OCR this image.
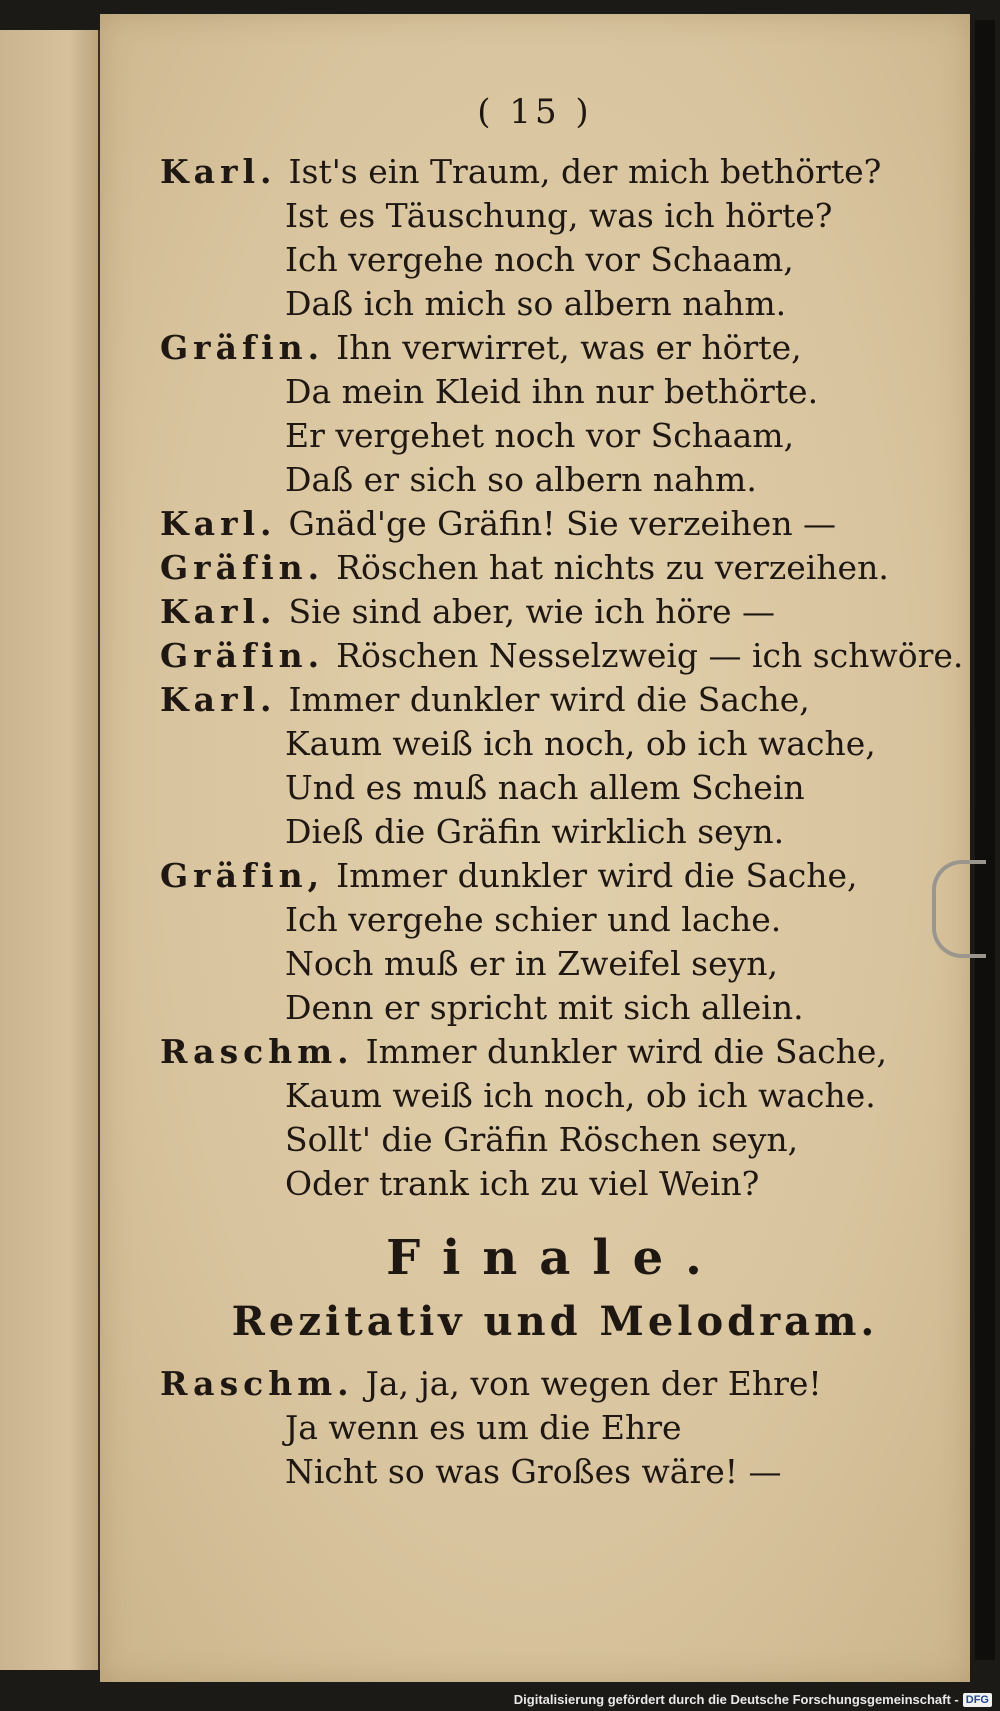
( 15 )
Karl. Ist's ein Traum, der mich bethörte?
Ist es Täuschung, was ich hörte?
Ich vergehe noch vor Schaam,
Daß ich mich so albern nahm.
Gräfin. Ihn verwirret, was er hörte,
Da mein Kleid ihn nur bethörte.
Er vergehet noch vor Schaam,
Daß er sich so albern nahm.
Karl. Gnäd'ge Gräfin! Sie verzeihen —
Gräfin. Röschen hat nichts zu verzeihen.
Karl. Sie sind aber, wie ich höre —
Gräfin. Röschen Nesselzweig — ich schwöre.
Karl. Immer dunkler wird die Sache,
Kaum weiß ich noch, ob ich wache,
Und es muß nach allem Schein
Dieß die Gräfin wirklich seyn.
Gräfin, Immer dunkler wird die Sache,
Ich vergehe schier und lache.
Noch muß er in Zweifel seyn,
Denn er spricht mit sich allein.
Raschm. Immer dunkler wird die Sache,
Kaum weiß ich noch, ob ich wache.
Sollt' die Gräfin Röschen seyn,
Oder trank ich zu viel Wein?
Finale.
Rezitativ und Melodram.
Raschm. Ja, ja, von wegen der Ehre!
Ja wenn es um die Ehre
Nicht so was Großes wäre! —
Digitalisierung gefördert durch die Deutsche Forschungsgemeinschaft - DFG
